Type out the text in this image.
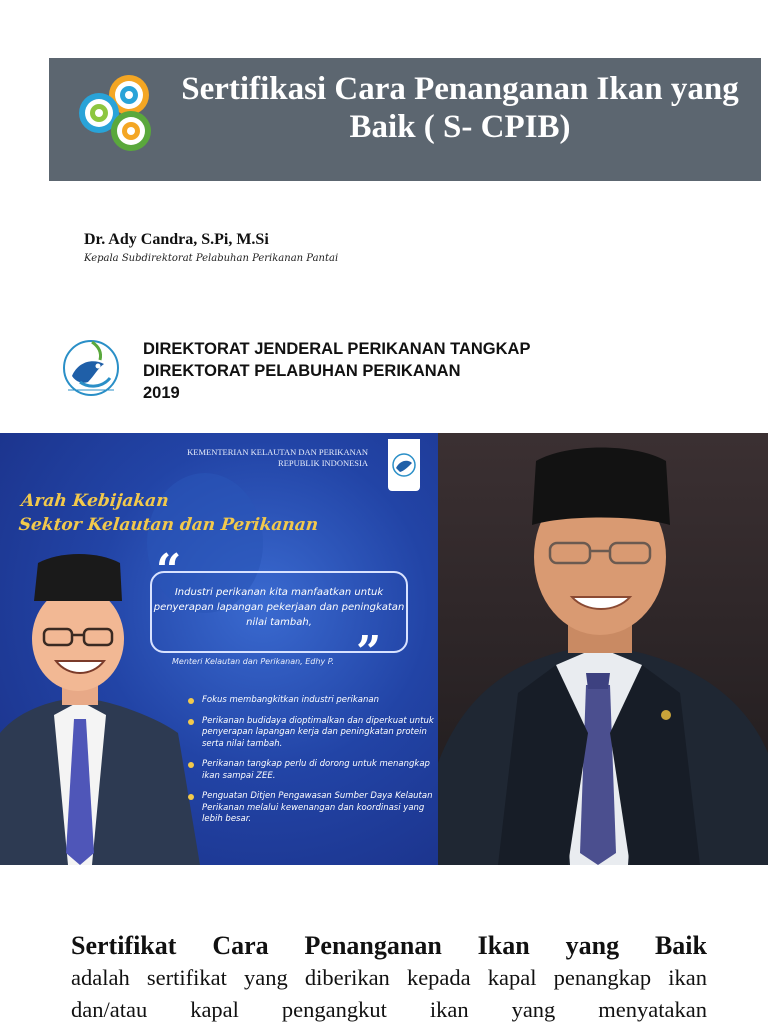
Sertifikasi Cara Penanganan Ikan yang Baik ( S- CPIB)
Dr. Ady Candra, S.Pi, M.Si
Kepala Subdirektorat Pelabuhan Perikanan Pantai
DIREKTORAT JENDERAL PERIKANAN TANGKAP
DIREKTORAT PELABUHAN PERIKANAN
2019
KEMENTERIAN KELAUTAN DAN PERIKANAN
REPUBLIK INDONESIA
Arah Kebijakan
Sektor Kelautan dan Perikanan
“
”
Industri perikanan kita manfaatkan untuk penyerapan lapangan pekerjaan dan peningkatan nilai tambah,
Menteri Kelautan dan Perikanan, Edhy P.
Fokus membangkitkan industri perikanan
Perikanan budidaya dioptimalkan dan diperkuat untuk penyerapan lapangan kerja dan peningkatan protein serta nilai tambah.
Perikanan tangkap perlu di dorong untuk menangkap ikan sampai ZEE.
Penguatan Ditjen Pengawasan Sumber Daya Kelautan Perikanan melalui kewenangan dan koordinasi yang lebih besar.
Sertifikat Cara Penanganan Ikan yang Baik
adalah sertifikat yang diberikan kepada kapal penangkap ikan dan/atau kapal pengangkut ikan yang menyatakan
